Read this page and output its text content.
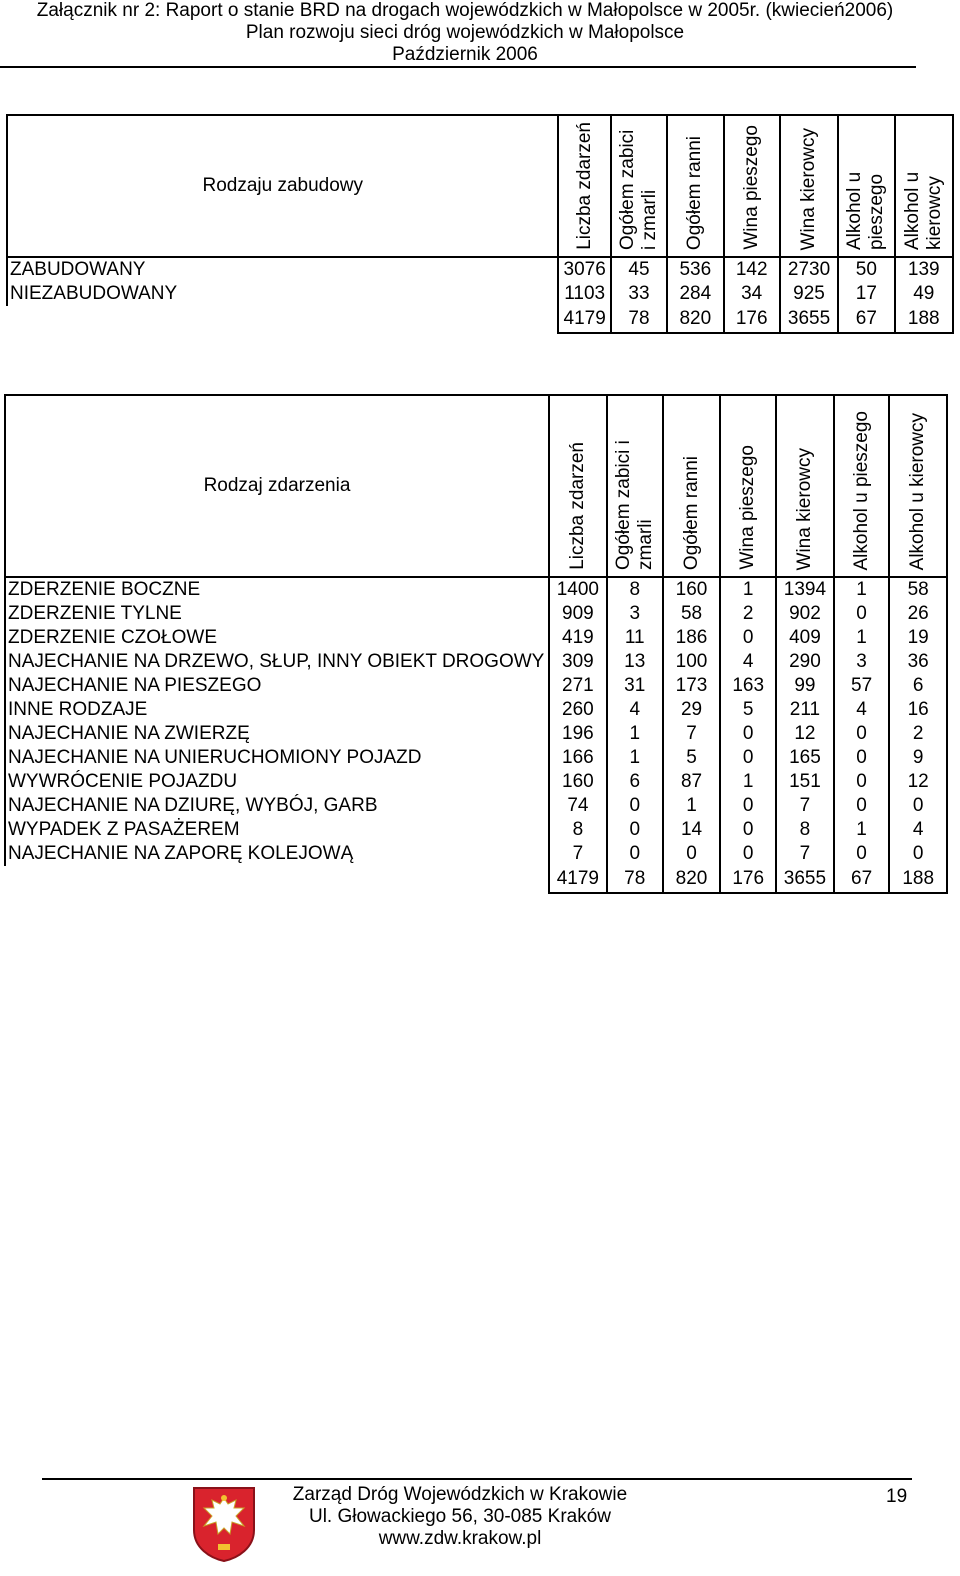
Załącznik nr 2: Raport o stanie BRD na drogach wojewódzkich w Małopolsce w 2005r. (kwiecień2006)
Plan rozwoju sieci dróg wojewódzkich w Małopolsce
Październik 2006
Rodzaju zabudowy	Liczba zdarzeń	Ogółem zabici i zmarli	Ogółem ranni	Wina pieszego	Wina kierowcy	Alkohol u pieszego	Alkohol u kierowcy

ZABUDOWANY	3076	45	536	142	2730	50	139
NIEZABUDOWANY	1103	33	284	34	925	17	49
	4179	78	820	176	3655	67	188
Rodzaj zdarzenia	Liczba zdarzeń	Ogółem zabici i zmarli	Ogółem ranni	Wina pieszego	Wina kierowcy	Alkohol u pieszego	Alkohol u kierowcy

ZDERZENIE BOCZNE	1400	8	160	1	1394	1	58
ZDERZENIE TYLNE	909	3	58	2	902	0	26
ZDERZENIE CZOŁOWE	419	11	186	0	409	1	19
NAJECHANIE NA DRZEWO, SŁUP, INNY OBIEKT DROGOWY	309	13	100	4	290	3	36
NAJECHANIE NA PIESZEGO	271	31	173	163	99	57	6
INNE RODZAJE	260	4	29	5	211	4	16
NAJECHANIE NA ZWIERZĘ	196	1	7	0	12	0	2
NAJECHANIE NA UNIERUCHOMIONY POJAZD	166	1	5	0	165	0	9
WYWRÓCENIE POJAZDU	160	6	87	1	151	0	12
NAJECHANIE NA DZIURĘ, WYBÓJ, GARB	74	0	1	0	7	0	0
WYPADEK Z PASAŻEREM	8	0	14	0	8	1	4
NAJECHANIE NA ZAPORĘ KOLEJOWĄ	7	0	0	0	7	0	0
	4179	78	820	176	3655	67	188
Zarząd Dróg Wojewódzkich w Krakowie
Ul. Głowackiego 56, 30-085 Kraków
www.zdw.krakow.pl
19
